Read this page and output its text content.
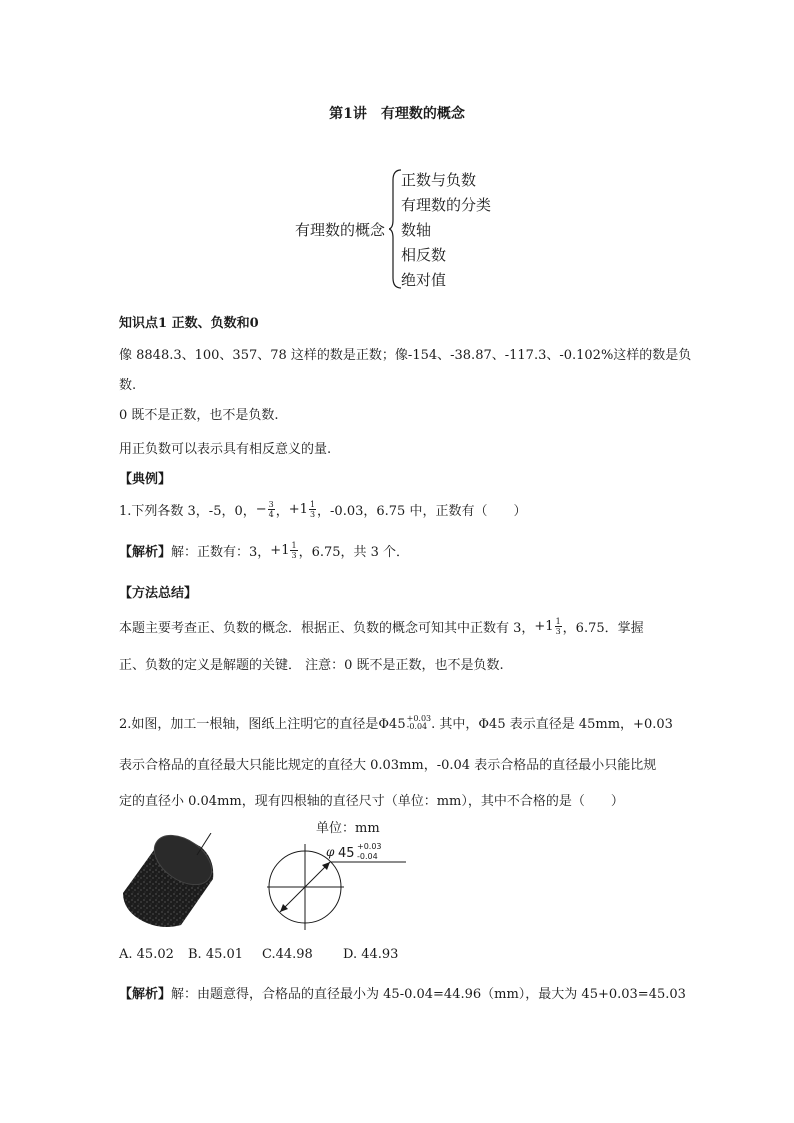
第1讲　有理数的概念
有理数的概念
正数与负数
有理数的分类
数轴
相反数
绝对值
知识点1 正数、负数和0
像 8848.3、100、357、78 这样的数是正数；像-154、-38.87、-117.3、-0.102%这样的数是负
数.
0 既不是正数，也不是负数.
用正负数可以表示具有相反意义的量.
【典例】
1.下列各数 3，-5，0， − $\frac{3}{4}$ ， $+1 \frac{1}{3}$ ，-0.03，6.75 中，正数有（　　）
【解析】 解：正数有：3， $+1 \frac{1}{3}$ ，6.75，共 3 个．
【方法总结】
本题主要考查正、负数的概念．根据正、负数的概念可知其中正数有 3， $+1 \frac{1}{3}$ ，6.75．掌握
正、负数的定义是解题的关键． 注意：0 既不是正数，也不是负数.
2.如图，加工一根轴，图纸上注明它的直径是Φ45 +0.03
-0.04 . 其中，Φ45 表示直径是 45mm，+0.03
表示合格品的直径最大只能比规定的直径大 0.03mm，-0.04 表示合格品的直径最小只能比规
定的直径小 0.04mm，现有四根轴的直径尺寸（单位：mm），其中不合格的是（　　）
单位：mm
φ 45 +0.03
-0.04
A. 45.02 B. 45.01 C.44.98 D. 44.93
【解析】解：由题意得，合格品的直径最小为 45-0.04=44.96（mm），最大为 45+0.03=45.03
